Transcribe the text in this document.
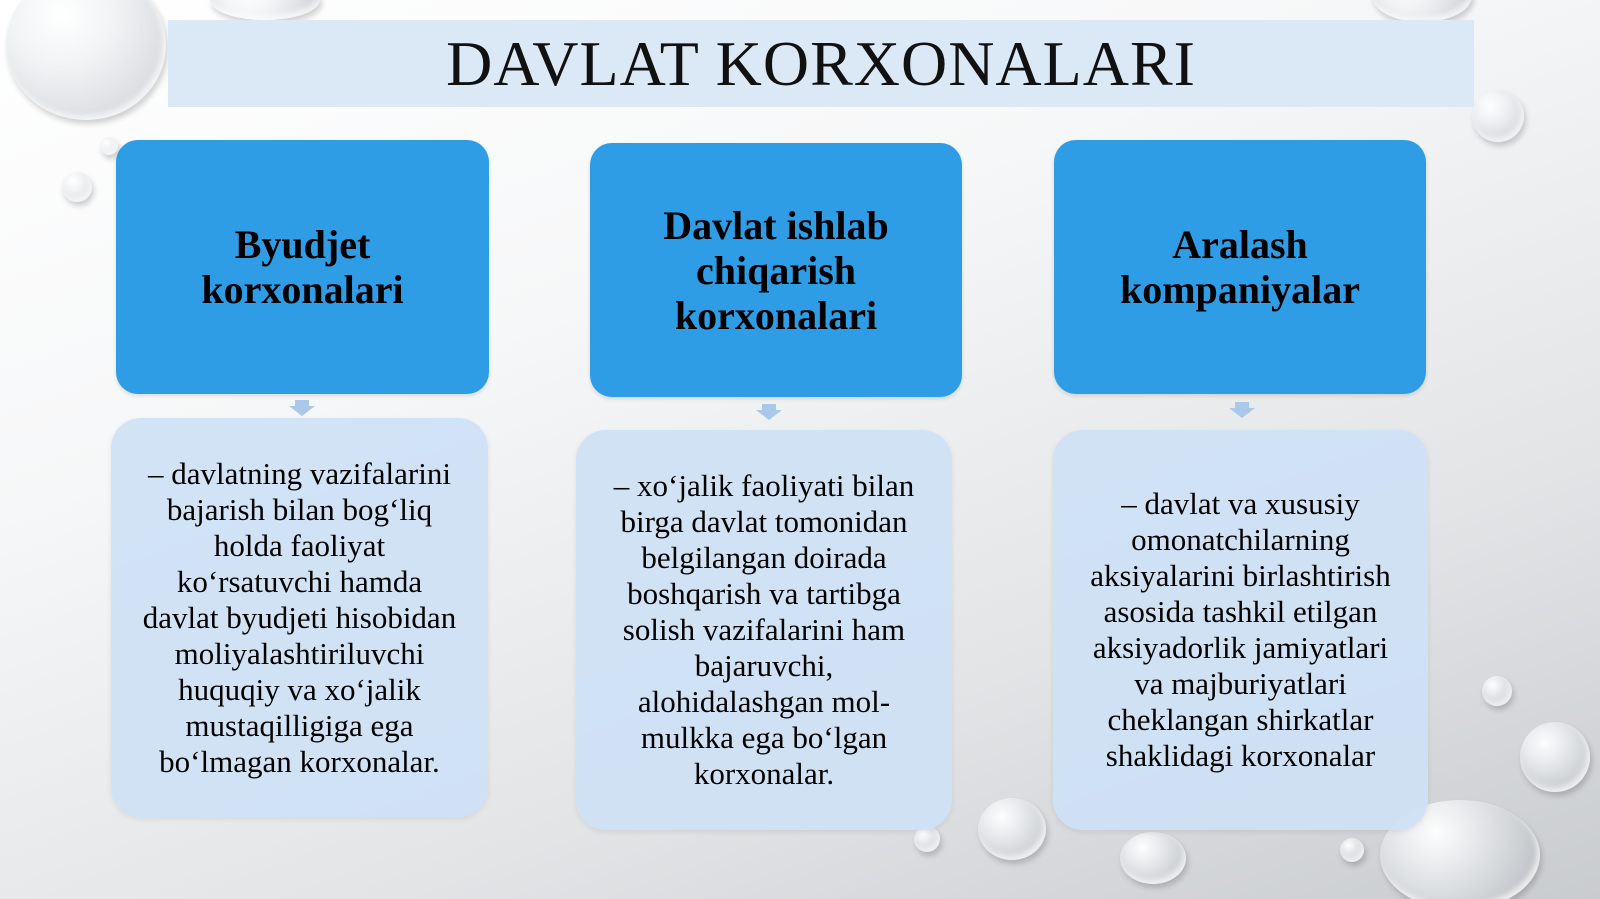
DAVLAT KORXONALARI
Byudjet
korxonalari
– davlatning vazifalarini
bajarish bilan bog‘liq
holda faoliyat
ko‘rsatuvchi hamda
davlat byudjeti hisobidan
moliyalashtiriluvchi
huquqiy va xo‘jalik
mustaqilligiga ega
bo‘lmagan korxonalar.
Davlat ishlab
chiqarish
korxonalari
– xo‘jalik faoliyati bilan
birga davlat tomonidan
belgilangan doirada
boshqarish va tartibga
solish vazifalarini ham
bajaruvchi,
alohidalashgan mol-
mulkka ega bo‘lgan
korxonalar.
Aralash
kompaniyalar
– davlat va xususiy
omonatchilarning
aksiyalarini birlashtirish
asosida tashkil etilgan
aksiyadorlik jamiyatlari
va majburiyatlari
cheklangan shirkatlar
shaklidagi korxonalar
